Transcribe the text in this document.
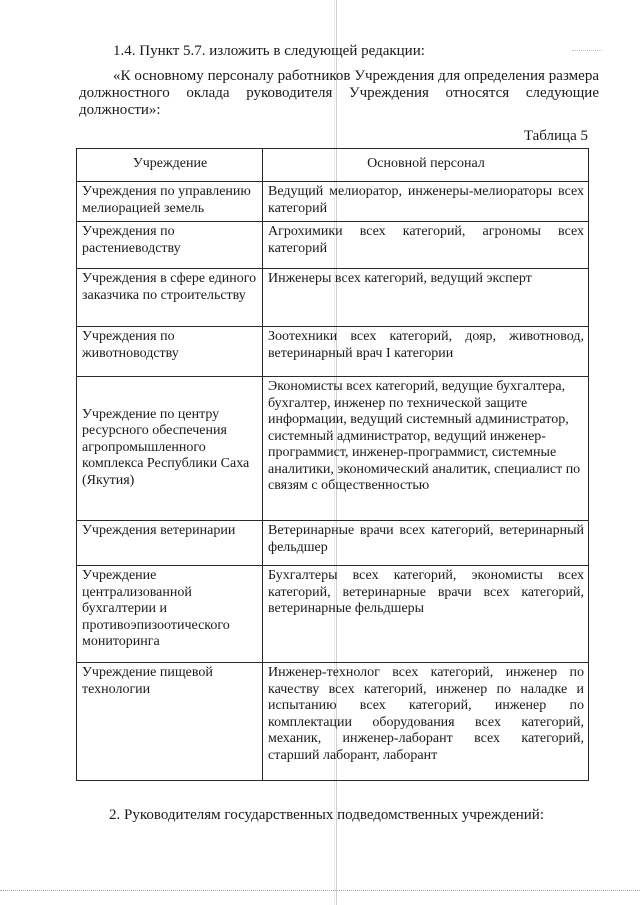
1.4. Пункт 5.7. изложить в следующей редакции:

«К основному персоналу работников Учреждения для определения размера должностного оклада руководителя Учреждения относятся следующие должности»:

Таблица 5
Учреждение	Основной персонал
Учреждения по управлению мелиорацией земель	Ведущий мелиоратор, инженеры-мелиораторы всех категорий
Учреждения по растениеводству	Агрохимики всех категорий, агрономы всех категорий
Учреждения в сфере единого заказчика по строительству	Инженеры всех категорий, ведущий эксперт
Учреждения по животноводству	Зоотехники всех категорий, дояр, животновод, ветеринарный врач I категории
Учреждение по центру ресурсного обеспечения агропромышленного комплекса Республики Саха (Якутия)	Экономисты всех категорий, ведущие бухгалтера, бухгалтер, инженер по технической защите информации, ведущий системный администратор, системный администратор, ведущий инженер-программист, инженер-программист, системные аналитики, экономический аналитик, специалист по связям с общественностью
Учреждения ветеринарии	Ветеринарные врачи всех категорий, ветеринарный фельдшер
Учреждение централизованной бухгалтерии и противоэпизоотического мониторинга	Бухгалтеры всех категорий, экономисты всех категорий, ветеринарные врачи всех категорий, ветеринарные фельдшеры
Учреждение пищевой технологии	Инженер-технолог всех категорий, инженер по качеству всех категорий, инженер по наладке и испытанию всех категорий, инженер по комплектации оборудования всех категорий, механик, инженер-лаборант всех категорий, старший лаборант, лаборант

2. Руководителям государственных подведомственных учреждений:
